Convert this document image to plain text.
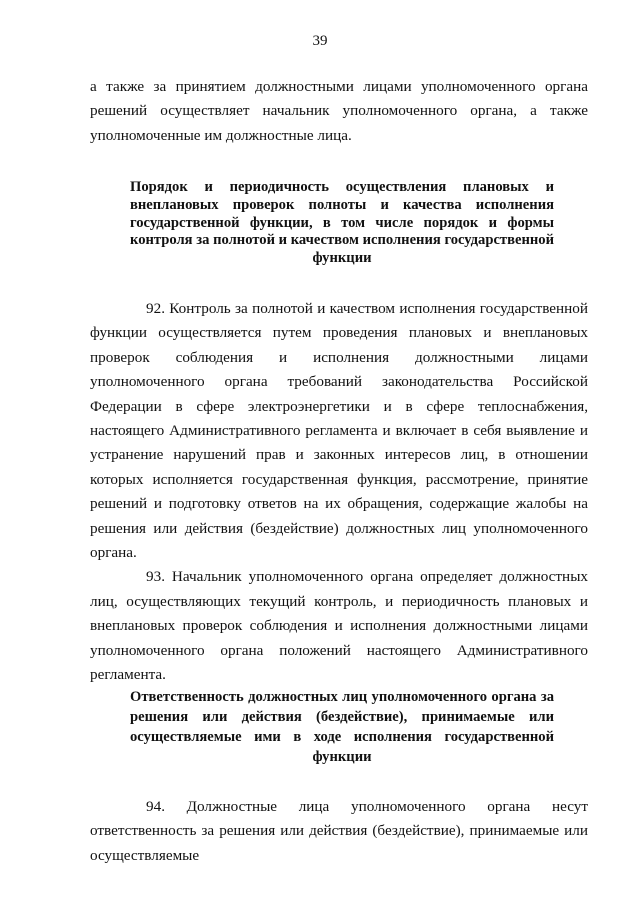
39

а также за принятием должностными лицами уполномоченного органа решений осуществляет начальник уполномоченного органа, а также уполномоченные им должностные лица.

Порядок и периодичность осуществления плановых и внеплановых проверок полноты и качества исполнения государственной функции, в том числе порядок и формы контроля за полнотой и качеством исполнения государственной функции

92. Контроль за полнотой и качеством исполнения государственной функции осуществляется путем проведения плановых и внеплановых проверок соблюдения и исполнения должностными лицами уполномоченного органа требований законодательства Российской Федерации в сфере электроэнергетики и в сфере теплоснабжения, настоящего Административного регламента и включает в себя выявление и устранение нарушений прав и законных интересов лиц, в отношении которых исполняется государственная функция, рассмотрение, принятие решений и подготовку ответов на их обращения, содержащие жалобы на решения или действия (бездействие) должностных лиц уполномоченного органа.

93. Начальник уполномоченного органа определяет должностных лиц, осуществляющих текущий контроль, и периодичность плановых и внеплановых проверок соблюдения и исполнения должностными лицами уполномоченного органа положений настоящего Административного регламента.

Ответственность должностных лиц уполномоченного органа за решения или действия (бездействие), принимаемые или осуществляемые ими в ходе исполнения государственной функции

94. Должностные лица уполномоченного органа несут ответственность за решения или действия (бездействие), принимаемые или осуществляемые
